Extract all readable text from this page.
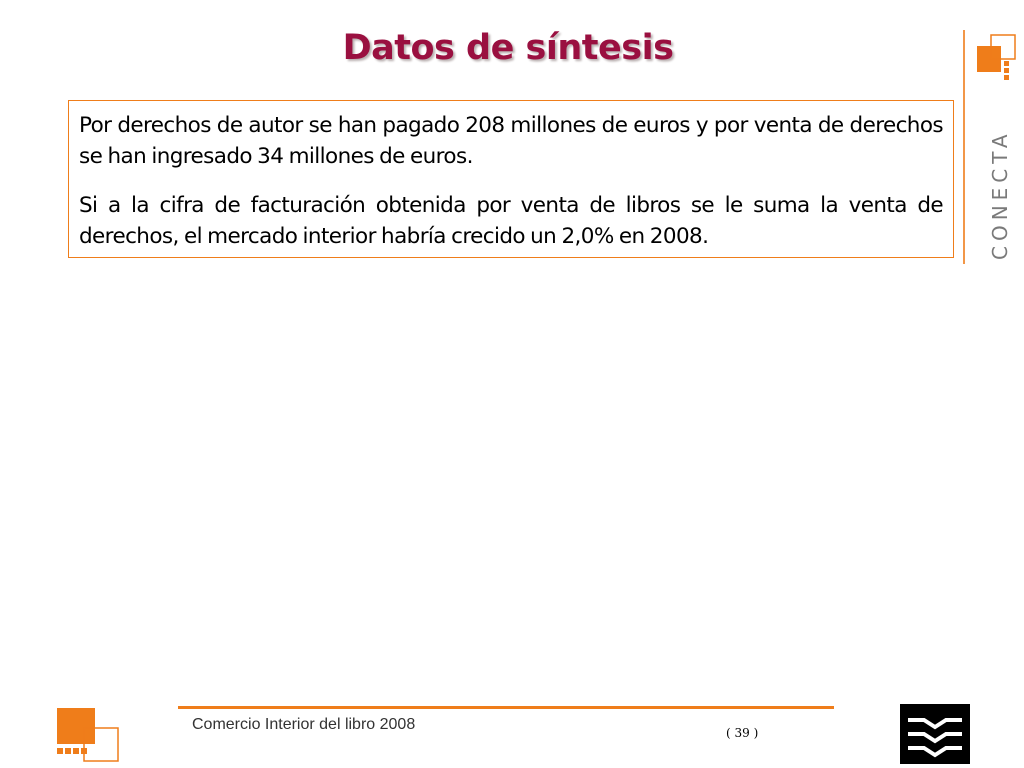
Datos de síntesis

Por derechos de autor se han pagado 208 millones de euros y por venta de derechos se han ingresado 34 millones de euros.

Si a la cifra de facturación obtenida por venta de libros se le suma la venta de derechos, el mercado interior habría crecido un 2,0% en 2008.	CONECTA
Comercio Interior del libro 2008	( 39 )
